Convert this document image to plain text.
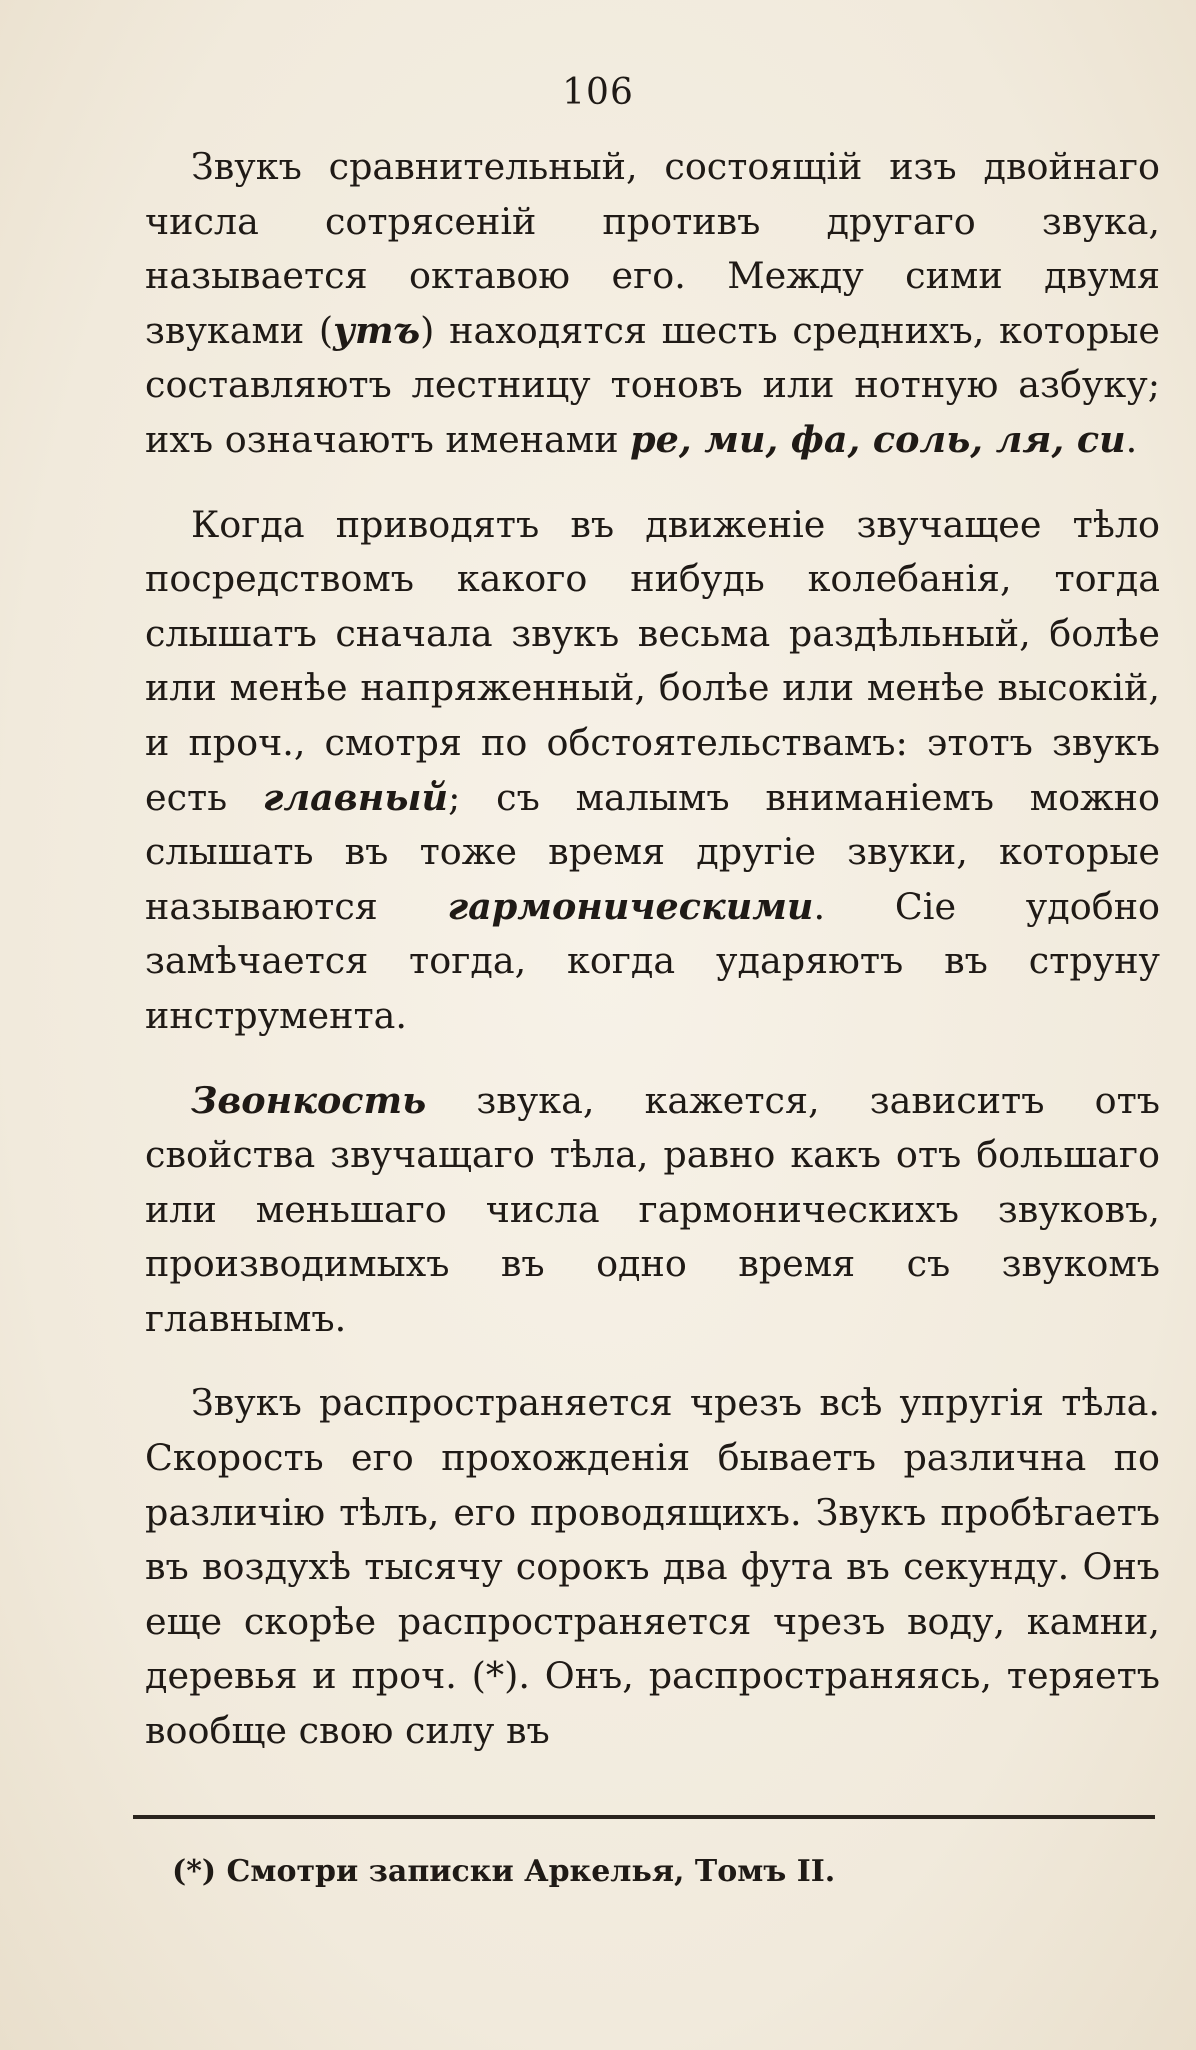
106

Звукъ сравнительный, состоящій изъ двойнаго числа сотрясеній противъ другаго звука, называется октавою его. Между сими двумя звуками (утъ) находятся шесть среднихъ, которые составляютъ лестницу тоновъ или нотную азбуку; ихъ означаютъ именами ре, ми, фа, соль, ля, си.

Когда приводятъ въ движеніе звучащее тѣло посредствомъ какого нибудь колебанія, тогда слышатъ сначала звукъ весьма раздѣльный, болѣе или менѣе напряженный, болѣе или менѣе высокій, и проч., смотря по обстоятельствамъ: этотъ звукъ есть главный; съ малымъ вниманіемъ можно слышать въ тоже время другіе звуки, которые называются гармоническими. Сіе удобно замѣчается тогда, когда ударяютъ въ струну инструмента.

Звонкость звука, кажется, зависитъ отъ свойства звучащаго тѣла, равно какъ отъ большаго или меньшаго числа гармоническихъ звуковъ, производимыхъ въ одно время съ звукомъ главнымъ.

Звукъ распространяется чрезъ всѣ упругія тѣла. Скорость его прохожденія бываетъ различна по различію тѣлъ, его проводящихъ. Звукъ пробѣгаетъ въ воздухѣ тысячу сорокъ два фута въ секунду. Онъ еще скорѣе распространяется чрезъ воду, камни, деревья и проч. (*). Онъ, распространяясь, теряетъ вообще свою силу въ

(*) Смотри записки Аркелья, Томъ II.
